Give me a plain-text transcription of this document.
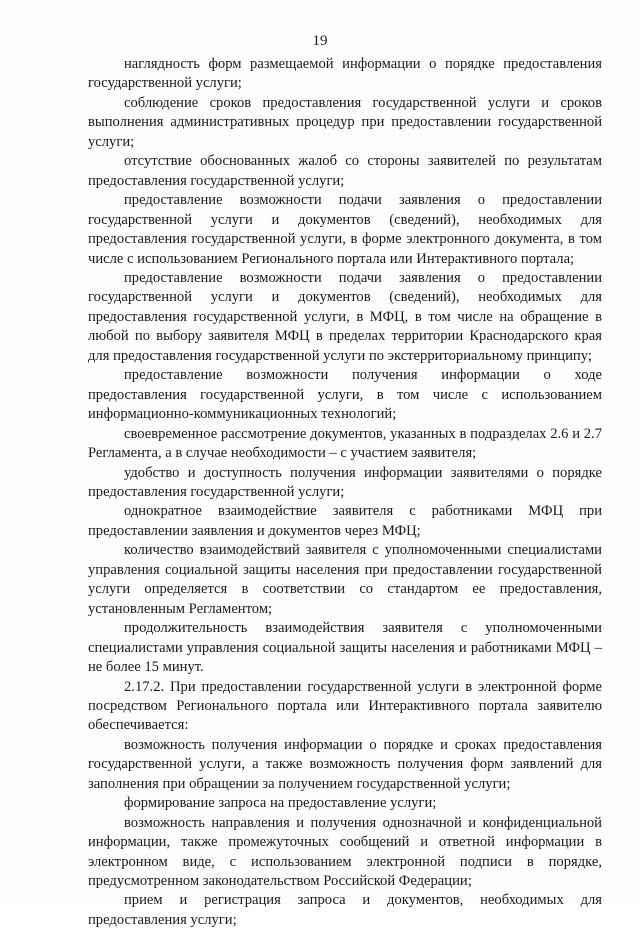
19

наглядность форм размещаемой информации о порядке предоставления государственной услуги;

соблюдение сроков предоставления государственной услуги и сроков выполнения административных процедур при предоставлении государственной услуги;

отсутствие обоснованных жалоб со стороны заявителей по результатам предоставления государственной услуги;

предоставление возможности подачи заявления о предоставлении государственной услуги и документов (сведений), необходимых для предоставления государственной услуги, в форме электронного документа, в том числе с использованием Регионального портала или Интерактивного портала;

предоставление возможности подачи заявления о предоставлении государственной услуги и документов (сведений), необходимых для предоставления государственной услуги, в МФЦ, в том числе на обращение в любой по выбору заявителя МФЦ в пределах территории Краснодарского края для предоставления государственной услуги по экстерриториальному принципу;

предоставление возможности получения информации о ходе предоставления государственной услуги, в том числе с использованием информационно-коммуникационных технологий;

своевременное рассмотрение документов, указанных в подразделах 2.6 и 2.7 Регламента, а в случае необходимости – с участием заявителя;

удобство и доступность получения информации заявителями о порядке предоставления государственной услуги;

однократное взаимодействие заявителя с работниками МФЦ при предоставлении заявления и документов через МФЦ;

количество взаимодействий заявителя с уполномоченными специалистами управления социальной защиты населения при предоставлении государственной услуги определяется в соответствии со стандартом ее предоставления, установленным Регламентом;

продолжительность взаимодействия заявителя с уполномоченными специалистами управления социальной защиты населения и работниками МФЦ – не более 15 минут.

2.17.2. При предоставлении государственной услуги в электронной форме посредством Регионального портала или Интерактивного портала заявителю обеспечивается:

возможность получения информации о порядке и сроках предоставления государственной услуги, а также возможность получения форм заявлений для заполнения при обращении за получением государственной услуги;

формирование запроса на предоставление услуги;

возможность направления и получения однозначной и конфиденциальной информации, также промежуточных сообщений и ответной информации в электронном виде, с использованием электронной подписи в порядке, предусмотренном законодательством Российской Федерации;

прием и регистрация запроса и документов, необходимых для предоставления услуги;
